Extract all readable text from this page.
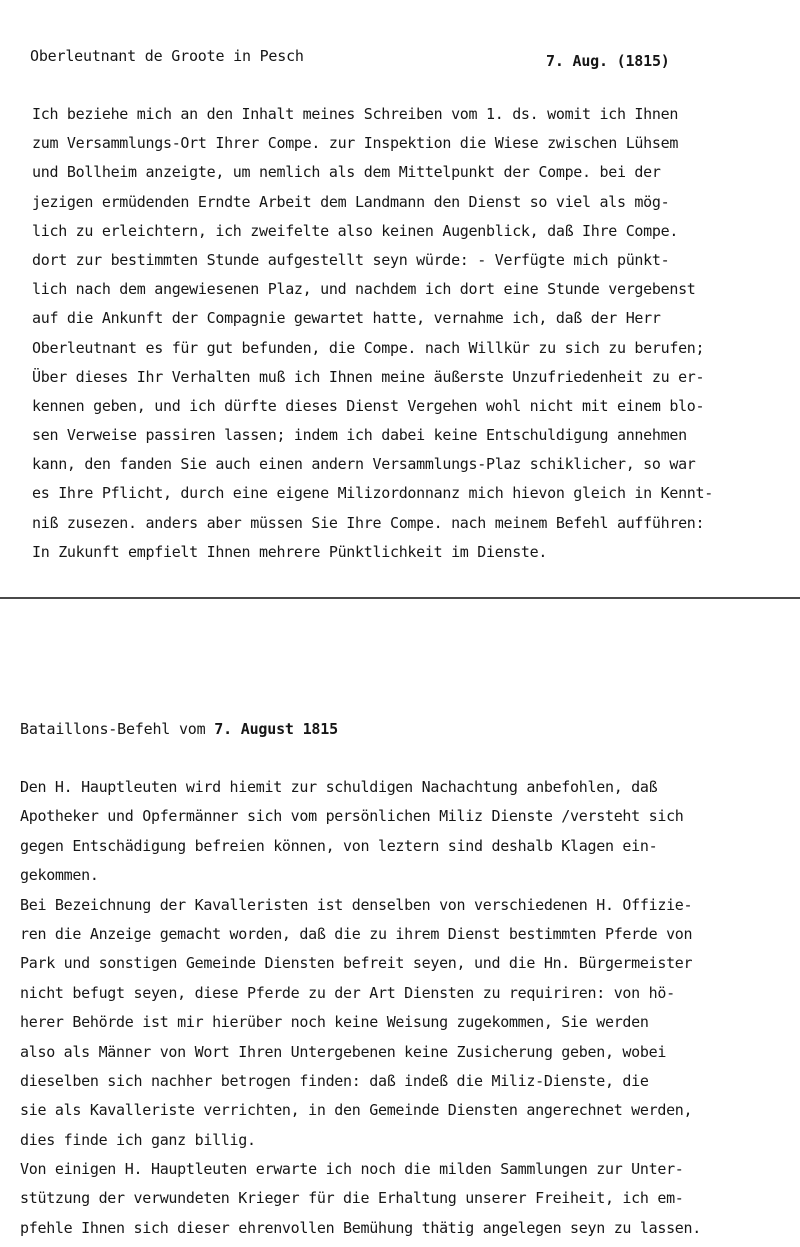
Oberleutnant de Groote in Pesch	7. Aug. (1815)
Ich beziehe mich an den Inhalt meines Schreiben vom 1. ds. womit ich Ihnen
zum Versammlungs-Ort Ihrer Compe. zur Inspektion die Wiese zwischen Lühsem
und Bollheim anzeigte, um nemlich als dem Mittelpunkt der Compe. bei der
jezigen ermüdenden Erndte Arbeit dem Landmann den Dienst so viel als mög-
lich zu erleichtern, ich zweifelte also keinen Augenblick, daß Ihre Compe.
dort zur bestimmten Stunde aufgestellt seyn würde: - Verfügte mich pünkt-
lich nach dem angewiesenen Plaz, und nachdem ich dort eine Stunde vergebenst
auf die Ankunft der Compagnie gewartet hatte, vernahme ich, daß der Herr
Oberleutnant es für gut befunden, die Compe. nach Willkür zu sich zu berufen;
Über dieses Ihr Verhalten muß ich Ihnen meine äußerste Unzufriedenheit zu er-
kennen geben, und ich dürfte dieses Dienst Vergehen wohl nicht mit einem blo-
sen Verweise passiren lassen; indem ich dabei keine Entschuldigung annehmen
kann, den fanden Sie auch einen andern Versammlungs-Plaz schiklicher, so war
es Ihre Pflicht, durch eine eigene Milizordonnanz mich hievon gleich in Kennt-
niß zusezen. anders aber müssen Sie Ihre Compe. nach meinem Befehl aufführen:
In Zukunft empfielt Ihnen mehrere Pünktlichkeit im Dienste.
Bataillons-Befehl vom 7. August 1815
Den H. Hauptleuten wird hiemit zur schuldigen Nachachtung anbefohlen, daß
Apotheker und Opfermänner sich vom persönlichen Miliz Dienste /versteht sich
gegen Entschädigung befreien können, von leztern sind deshalb Klagen ein-
gekommen.
Bei Bezeichnung der Kavalleristen ist denselben von verschiedenen H. Offizie-
ren die Anzeige gemacht worden, daß die zu ihrem Dienst bestimmten Pferde von
Park und sonstigen Gemeinde Diensten befreit seyen, und die Hn. Bürgermeister
nicht befugt seyen, diese Pferde zu der Art Diensten zu requiriren: von hö-
herer Behörde ist mir hierüber noch keine Weisung zugekommen, Sie werden
also als Männer von Wort Ihren Untergebenen keine Zusicherung geben, wobei
dieselben sich nachher betrogen finden: daß indeß die Miliz-Dienste, die
sie als Kavalleriste verrichten, in den Gemeinde Diensten angerechnet werden,
dies finde ich ganz billig.
Von einigen H. Hauptleuten erwarte ich noch die milden Sammlungen zur Unter-
stützung der verwundeten Krieger für die Erhaltung unserer Freiheit, ich em-
pfehle Ihnen sich dieser ehrenvollen Bemühung thätig angelegen seyn zu lassen.
